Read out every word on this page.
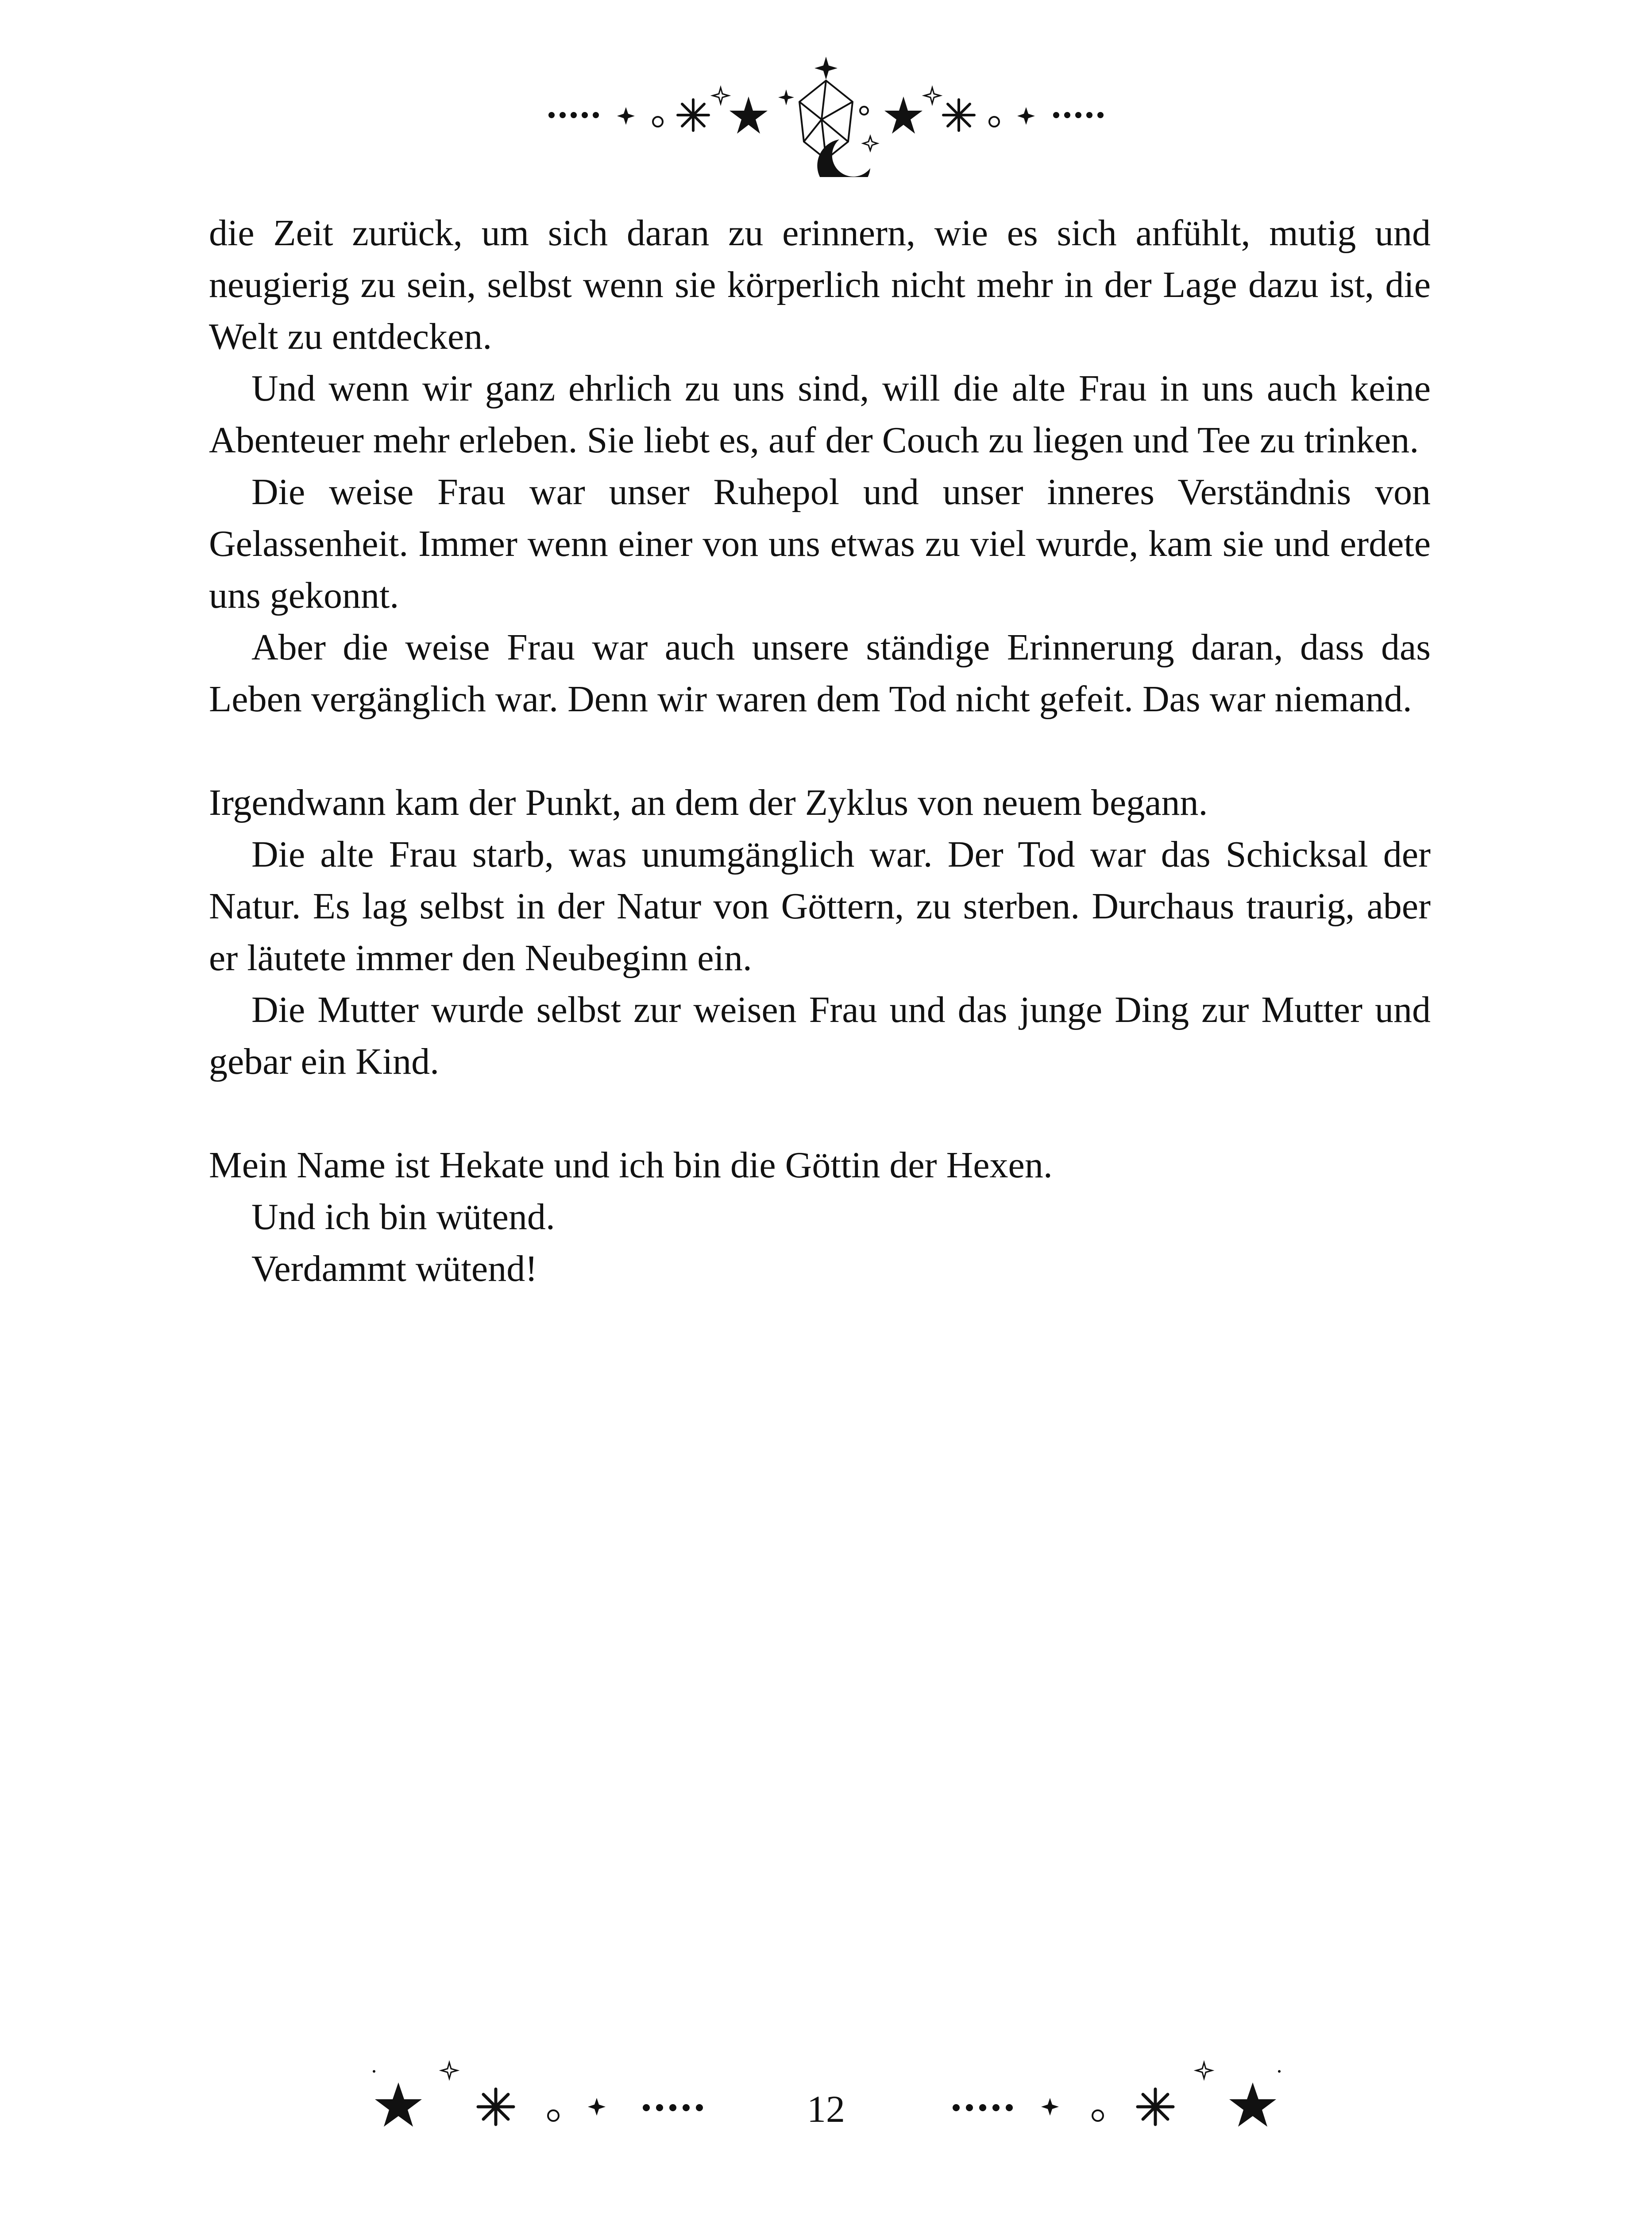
die Zeit zurück, um sich daran zu erinnern, wie es sich anfühlt, mutig und neugierig zu sein, selbst wenn sie körperlich nicht mehr in der Lage dazu ist, die Welt zu entdecken.

Und wenn wir ganz ehrlich zu uns sind, will die alte Frau in uns auch keine Abenteuer mehr erleben. Sie liebt es, auf der Couch zu liegen und Tee zu trinken.

Die weise Frau war unser Ruhepol und unser inneres Verständnis von Gelassenheit. Immer wenn einer von uns etwas zu viel wurde, kam sie und erdete uns gekonnt.

Aber die weise Frau war auch unsere ständige Erinnerung daran, dass das Leben vergänglich war. Denn wir waren dem Tod nicht gefeit. Das war niemand.

Irgendwann kam der Punkt, an dem der Zyklus von neuem begann.

Die alte Frau starb, was unumgänglich war. Der Tod war das Schicksal der Natur. Es lag selbst in der Natur von Göttern, zu sterben. Durchaus traurig, aber er läutete immer den Neubeginn ein.

Die Mutter wurde selbst zur weisen Frau und das junge Ding zur Mutter und gebar ein Kind.

Mein Name ist Hekate und ich bin die Göttin der Hexen.

Und ich bin wütend.

Verdammt wütend!

12
